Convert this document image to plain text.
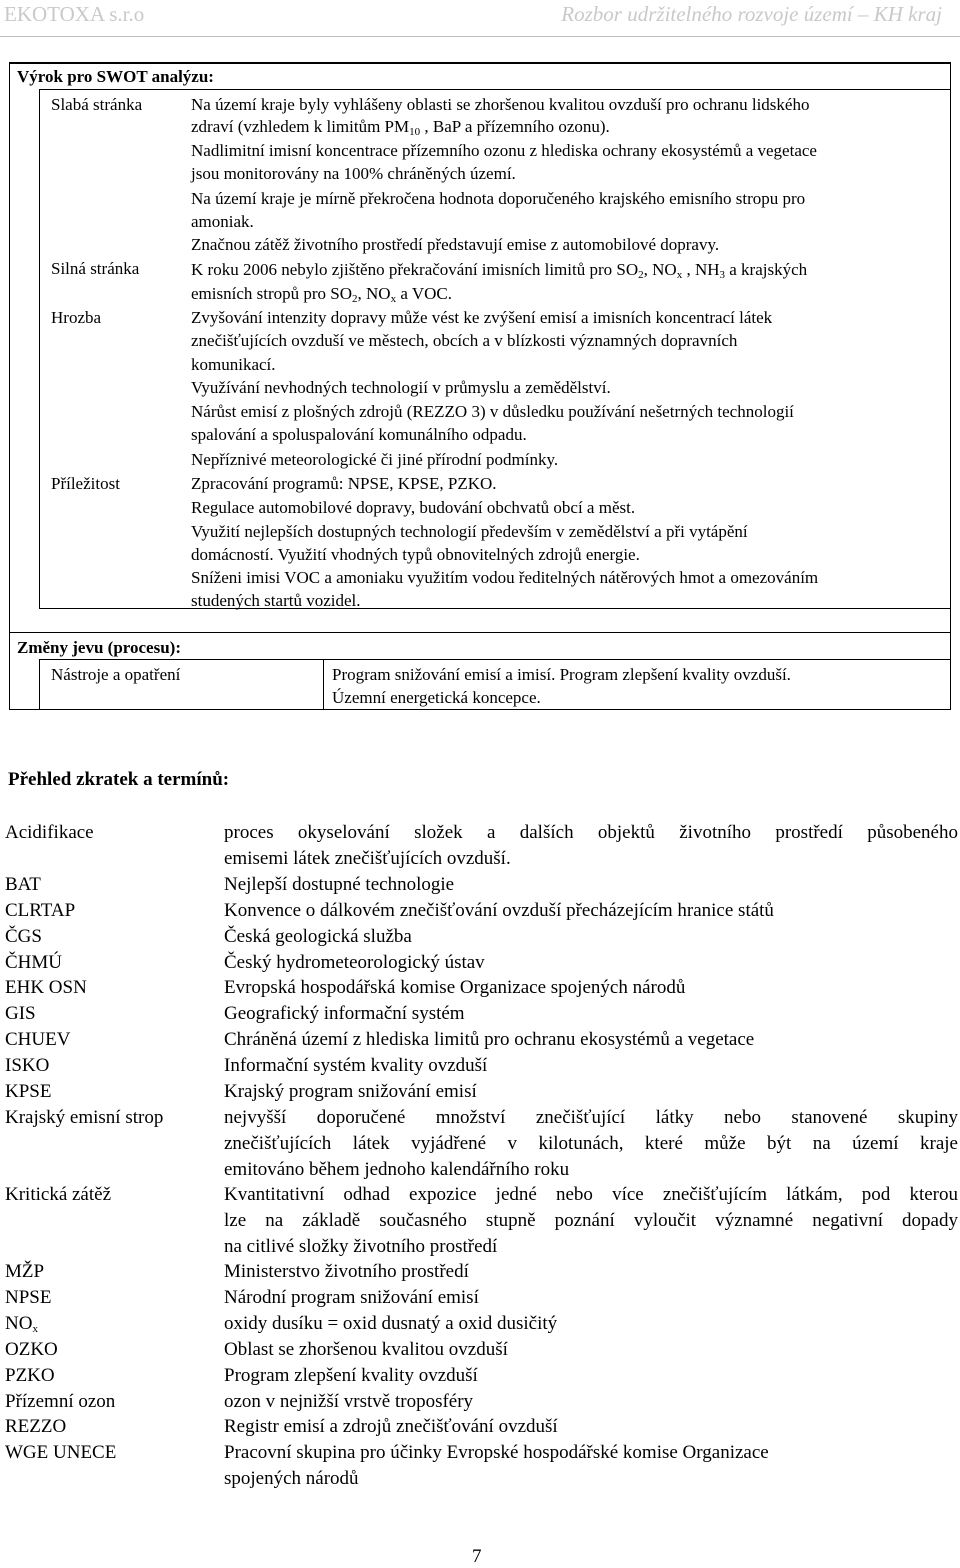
EKOTOXA s.r.o	Rozbor udržitelného rozvoje území – KH kraj
Výrok pro SWOT analýzu:
Slabá stránka	Na území kraje byly vyhlášeny oblasti se zhoršenou kvalitou ovzduší pro ochranu lidského
zdraví (vzhledem k limitům $PM_{10}$ , BaP a přízemního ozonu).
Nadlimitní imisní koncentrace přízemního ozonu z hlediska ochrany ekosystémů a vegetace
jsou monitorovány na 100% chráněných území.
Na území kraje je mírně překročena hodnota doporučeného krajského emisního stropu pro
amoniak.
Značnou zátěž životního prostředí představují emise z automobilové dopravy.
Silná stránka	K roku 2006 nebylo zjištěno překračování imisních limitů pro $SO_2$, $NO_x$ , $NH_3$ a krajských
emisních stropů pro $SO_2$, $NO_x$ a VOC.
Hrozba	Zvyšování intenzity dopravy může vést ke zvýšení emisí a imisních koncentrací látek
znečišťujících ovzduší ve městech, obcích a v blízkosti významných dopravních
komunikací.
Využívání nevhodných technologií v průmyslu a zemědělství.
Nárůst emisí z plošných zdrojů (REZZO 3) v důsledku používání nešetrných technologií
spalování a spoluspalování komunálního odpadu.
Nepříznivé meteorologické či jiné přírodní podmínky.
Příležitost	Zpracování programů: NPSE, KPSE, PZKO.
Regulace automobilové dopravy, budování obchvatů obcí a měst.
Využití nejlepších dostupných technologií především v zemědělství a při vytápění
domácností. Využití vhodných typů obnovitelných zdrojů energie.
Sníženi imisi VOC a amoniaku využitím vodou ředitelných nátěrových hmot a omezováním
studených startů vozidel.
Změny jevu (procesu):
Nástroje a opatření	Program snižování emisí a imisí. Program zlepšení kvality ovzduší.
Územní energetická koncepce.
Přehled zkratek a termínů:
Acidifikace	proces okyselování složek a dalších objektů životního prostředí působeného
emisemi látek znečišťujících ovzduší.
BAT	Nejlepší dostupné technologie
CLRTAP	Konvence o dálkovém znečišťování ovzduší přecházejícím hranice států
ČGS	Česká geologická služba
ČHMÚ	Český hydrometeorologický ústav
EHK OSN	Evropská hospodářská komise Organizace spojených národů
GIS	Geografický informační systém
CHUEV	Chráněná území z hlediska limitů pro ochranu ekosystémů a vegetace
ISKO	Informační systém kvality ovzduší
KPSE	Krajský program snižování emisí
Krajský emisní strop	nejvyšší doporučené množství znečišťující látky nebo stanovené skupiny
znečišťujících látek vyjádřené v kilotunách, které může být na území kraje
emitováno během jednoho kalendářního roku
Kritická zátěž	Kvantitativní odhad expozice jedné nebo více znečišťujícím látkám, pod kterou
lze na základě současného stupně poznání vyloučit významné negativní dopady
na citlivé složky životního prostředí
MŽP	Ministerstvo životního prostředí
NPSE	Národní program snižování emisí
$NO_x$	oxidy dusíku = oxid dusnatý a oxid dusičitý
OZKO	Oblast se zhoršenou kvalitou ovzduší
PZKO	Program zlepšení kvality ovzduší
Přízemní ozon	ozon v nejnižší vrstvě troposféry
REZZO	Registr emisí a zdrojů znečišťování ovzduší
WGE UNECE	Pracovní skupina pro účinky Evropské hospodářské komise Organizace
spojených národů
7
